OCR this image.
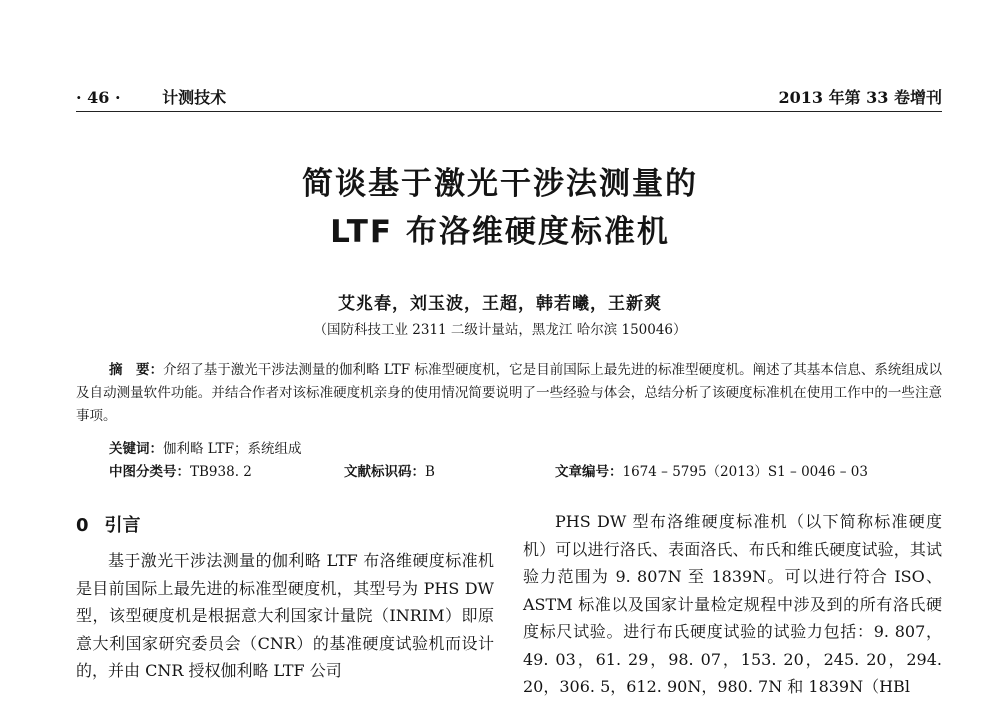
· 46 ·	计测技术	2013 年第 33 卷增刊
简谈基于激光干涉法测量的
LTF 布洛维硬度标准机
艾兆春，刘玉波，王超，韩若曦，王新爽
（国防科技工业 2311 二级计量站，黑龙江 哈尔滨 150046）
摘　要：介绍了基于激光干涉法测量的伽利略 LTF 标准型硬度机，它是目前国际上最先进的标准型硬度机。阐述了其基本信息、系统组成以及自动测量软件功能。并结合作者对该标准硬度机亲身的使用情况简要说明了一些经验与体会，总结分析了该硬度标准机在使用工作中的一些注意事项。
关键词：伽利略 LTF；系统组成
中图分类号：TB938. 2	文献标识码：B	文章编号：1674 – 5795（2013）S1 – 0046 – 03
0 引言
基于激光干涉法测量的伽利略 LTF 布洛维硬度标准机是目前国际上最先进的标准型硬度机，其型号为 PHS DW 型，该型硬度机是根据意大利国家计量院（INRIM）即原意大利国家研究委员会（CNR）的基准硬度试验机而设计的，并由 CNR 授权伽利略 LTF 公司
PHS DW 型布洛维硬度标准机（以下简称标准硬度机）可以进行洛氏、表面洛氏、布氏和维氏硬度试验，其试验力范围为 9. 807N 至 1839N。可以进行符合 ISO、ASTM 标准以及国家计量检定规程中涉及到的所有洛氏硬度标尺试验。进行布氏硬度试验的试验力包括：9. 807，49. 03，61. 29，98. 07，153. 20，245. 20，294. 20，306. 5，612. 90N，980. 7N 和 1839N（HBl
